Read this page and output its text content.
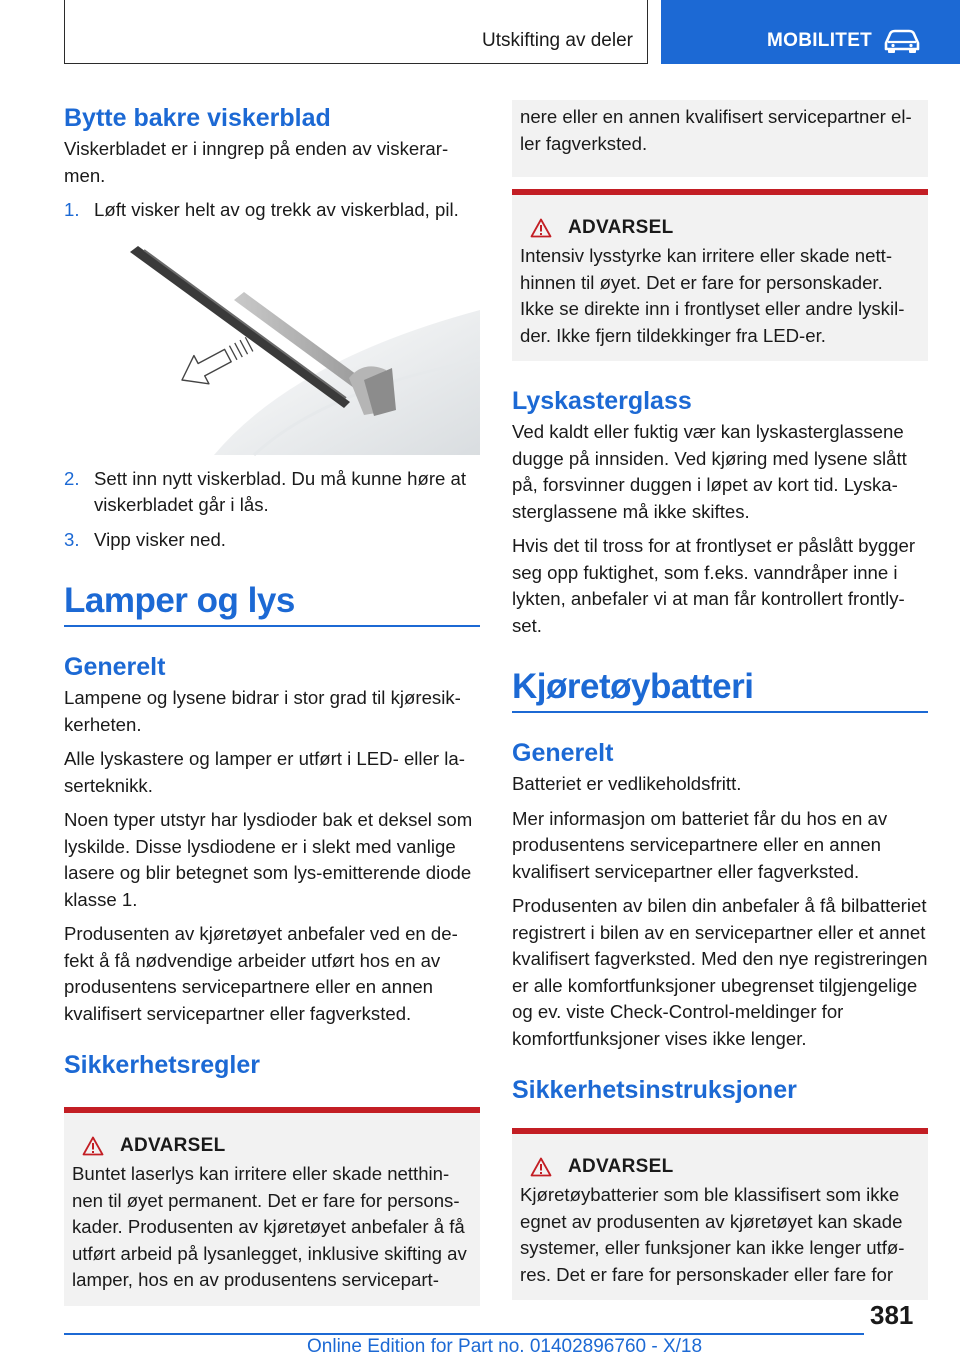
Utskifting av deler	MOBILITET
Bytte bakre viskerblad

Viskerbladet er i inngrep på enden av viskerarmen.

1. Løft visker helt av og trekk av viskerblad, pil.
2. Sett inn nytt viskerblad. Du må kunne høre at viskerbladet går i lås.
3. Vipp visker ned.
Lamper og lys
Generelt

Lampene og lysene bidrar i stor grad til kjøresikkerheten.

Alle lyskastere og lamper er utført i LED- eller laserteknikk.

Noen typer utstyr har lysdioder bak et deksel som lyskilde. Disse lysdiodene er i slekt med vanlige lasere og blir betegnet som lys-emitterende diode klasse 1.

Produsenten av kjøretøyet anbefaler ved en defekt å få nødvendige arbeider utført hos en av produsentens servicepartnere eller en annen kvalifisert servicepartner eller fagverksted.

Sikkerhetsregler
ADVARSEL

Buntet laserlys kan irritere eller skade netthinnen til øyet permanent. Det er fare for personskader. Produsenten av kjøretøyet anbefaler å få utført arbeid på lysanlegget, inklusive skifting av lamper, hos en av produsentens servicepart-

nere eller en annen kvalifisert servicepartner eller fagverksted.

ADVARSEL

Intensiv lysstyrke kan irritere eller skade netthinnen til øyet. Det er fare for personskader. Ikke se direkte inn i frontlyset eller andre lyskilder. Ikke fjern tildekkinger fra LED-er.

Lyskasterglass

Ved kaldt eller fuktig vær kan lyskasterglassene dugge på innsiden. Ved kjøring med lysene slått på, forsvinner duggen i løpet av kort tid. Lyskasterglassene må ikke skiftes.

Hvis det til tross for at frontlyset er påslått bygger seg opp fuktighet, som f.eks. vanndråper inne i lykten, anbefaler vi at man får kontrollert frontlyset.

Kjøretøybatteri
Generelt

Batteriet er vedlikeholdsfritt.

Mer informasjon om batteriet får du hos en av produsentens servicepartnere eller en annen kvalifisert servicepartner eller fagverksted.

Produsenten av bilen din anbefaler å få bilbatteriet registrert i bilen av en servicepartner eller et annet kvalifisert fagverksted. Med den nye registreringen er alle komfortfunksjoner ubegrenset tilgjengelige og ev. viste Check-Control-meldinger for komfortfunksjoner vises ikke lenger.

Sikkerhetsinstruksjoner
ADVARSEL

Kjøretøybatterier som ble klassifisert som ikke egnet av produsenten av kjøretøyet kan skade systemer, eller funksjoner kan ikke lenger utføres. Det er fare for personskader eller fare for

381
Online Edition for Part no. 01402896760 - X/18
